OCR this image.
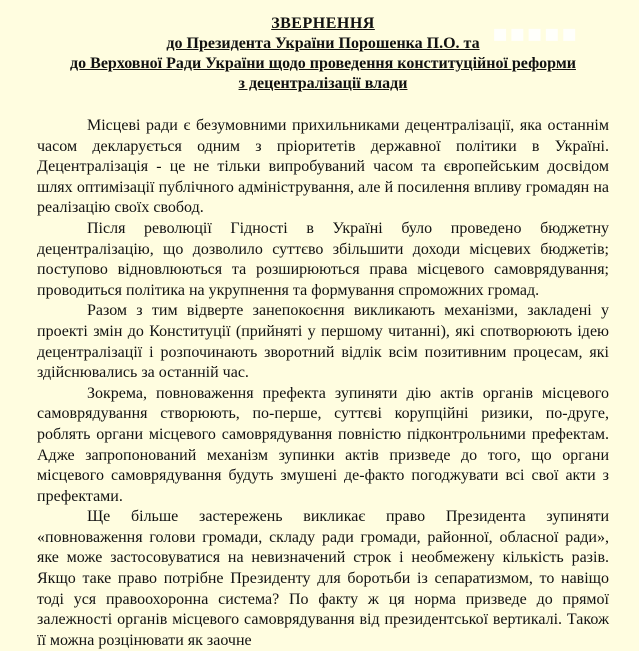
ЗВЕРНЕННЯ
до Президента України Порошенка П.О. та
до Верховної Ради України щодо проведення конституційної реформи
з децентралізації влади

Місцеві ради є безумовними прихильниками децентралізації, яка останнім часом декларується одним з пріоритетів державної політики в Україні. Децентралізація - це не тільки випробуваний часом та європейським досвідом шлях оптимізації публічного адміністрування, але й посилення впливу громадян на реалізацію своїх свобод.

Після революції Гідності в Україні було проведено бюджетну децентралізацію, що дозволило суттєво збільшити доходи місцевих бюджетів; поступово відновлюються та розширюються права місцевого самоврядування; проводиться політика на укрупнення та формування спроможних громад.

Разом з тим відверте занепокоєння викликають механізми, закладені у проекті змін до Конституції (прийняті у першому читанні), які спотворюють ідею децентралізації і розпочинають зворотний відлік всім позитивним процесам, які здійснювались за останній час.

Зокрема, повноваження префекта зупиняти дію актів органів місцевого самоврядування створюють, по-перше, суттєві корупційні ризики, по-друге, роблять органи місцевого самоврядування повністю підконтрольними префектам. Адже запропонований механізм зупинки актів призведе до того, що органи місцевого самоврядування будуть змушені де-факто погоджувати всі свої акти з префектами.

Ще більше застережень викликає право Президента зупиняти «повноваження голови громади, складу ради громади, районної, обласної ради», яке може застосовуватися на невизначений строк і необмежену кількість разів. Якщо таке право потрібне Президенту для боротьби із сепаратизмом, то навіщо тоді уся правоохоронна система? По факту ж ця норма призведе до прямої залежності органів місцевого самоврядування від президентської вертикалі. Також її можна розцінювати як заочне

▪▪▪▪▪
